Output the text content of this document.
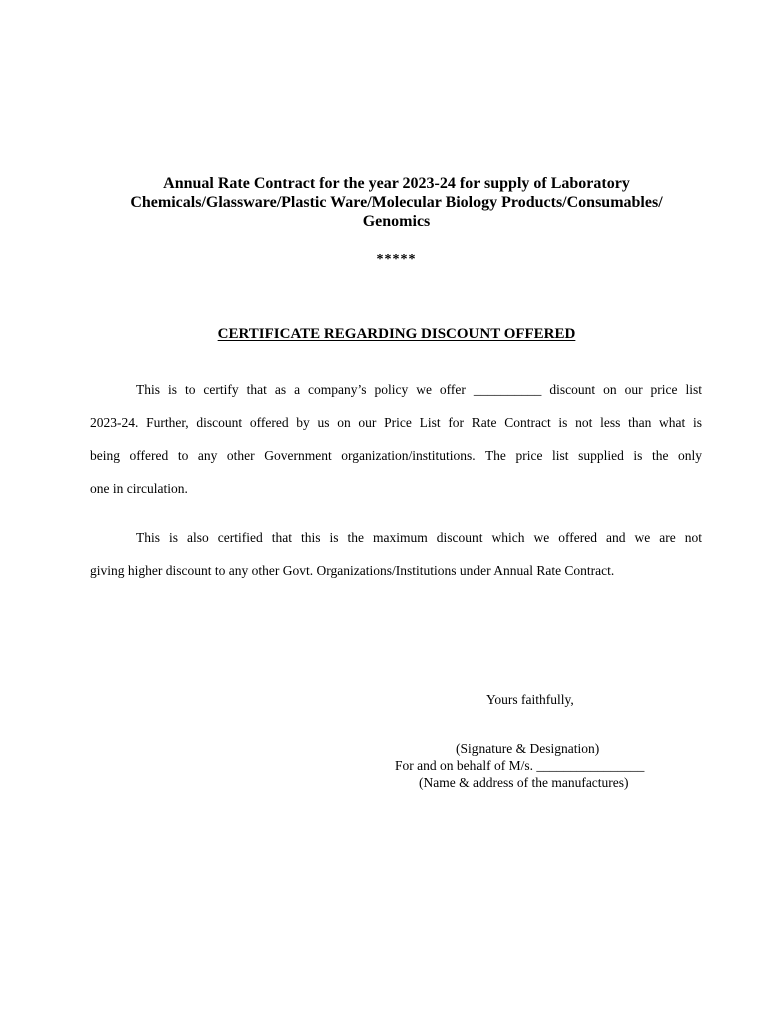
Annual Rate Contract for the year 2023-24 for supply of Laboratory
Chemicals/Glassware/Plastic Ware/Molecular Biology Products/Consumables/
Genomics
*****
CERTIFICATE REGARDING DISCOUNT OFFERED
This is to certify that as a company’s policy we offer __________ discount on our price list
2023-24. Further, discount offered by us on our Price List for Rate Contract is not less than what is
being offered to any other Government organization/institutions. The price list supplied is the only
one in circulation.
This is also certified that this is the maximum discount which we offered and we are not
giving higher discount to any other Govt. Organizations/Institutions under Annual Rate Contract.
Yours faithfully,
(Signature & Designation)
For and on behalf of M/s. ________________
(Name & address of the manufactures)
